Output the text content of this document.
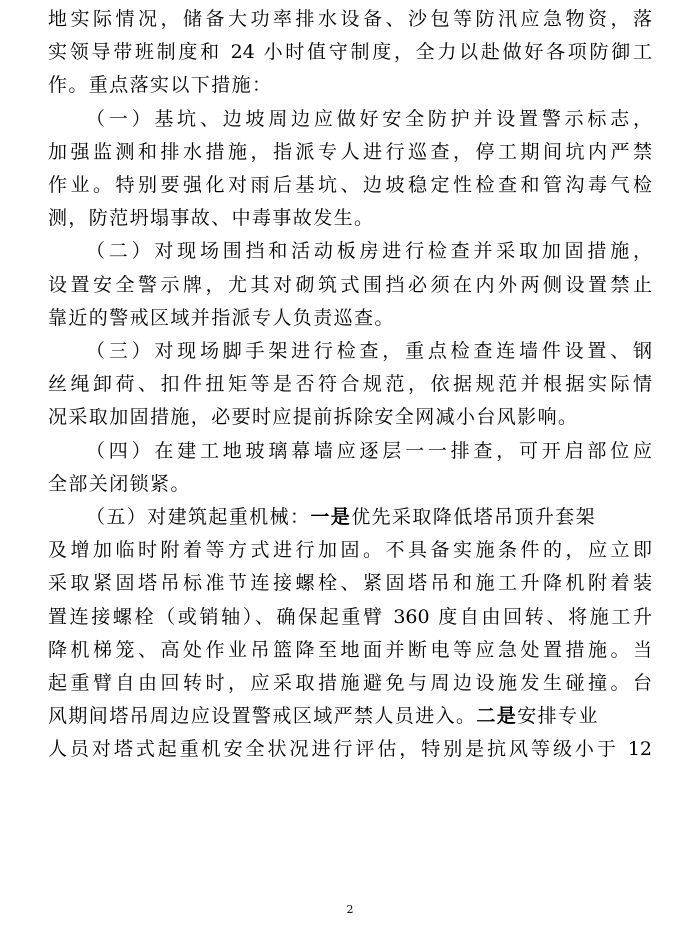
地实际情况，储备大功率排水设备、沙包等防汛应急物资，落
实领导带班制度和 24 小时值守制度，全力以赴做好各项防御工
作。重点落实以下措施：
（一）基坑、边坡周边应做好安全防护并设置警示标志，
加强监测和排水措施，指派专人进行巡查，停工期间坑内严禁
作业。特别要强化对雨后基坑、边坡稳定性检查和管沟毒气检
测，防范坍塌事故、中毒事故发生。
（二）对现场围挡和活动板房进行检查并采取加固措施，
设置安全警示牌，尤其对砌筑式围挡必须在内外两侧设置禁止
靠近的警戒区域并指派专人负责巡查。
（三）对现场脚手架进行检查，重点检查连墙件设置、钢
丝绳卸荷、扣件扭矩等是否符合规范，依据规范并根据实际情
况采取加固措施，必要时应提前拆除安全网减小台风影响。
（四）在建工地玻璃幕墙应逐层一一排查，可开启部位应
全部关闭锁紧。
（五）对建筑起重机械：一是优先采取降低塔吊顶升套架
及增加临时附着等方式进行加固。不具备实施条件的，应立即
采取紧固塔吊标准节连接螺栓、紧固塔吊和施工升降机附着装
置连接螺栓（或销轴）、确保起重臂 360 度自由回转、将施工升
降机梯笼、高处作业吊篮降至地面并断电等应急处置措施。当
起重臂自由回转时，应采取措施避免与周边设施发生碰撞。台
风期间塔吊周边应设置警戒区域严禁人员进入。二是安排专业
人员对塔式起重机安全状况进行评估，特别是抗风等级小于 12
2
